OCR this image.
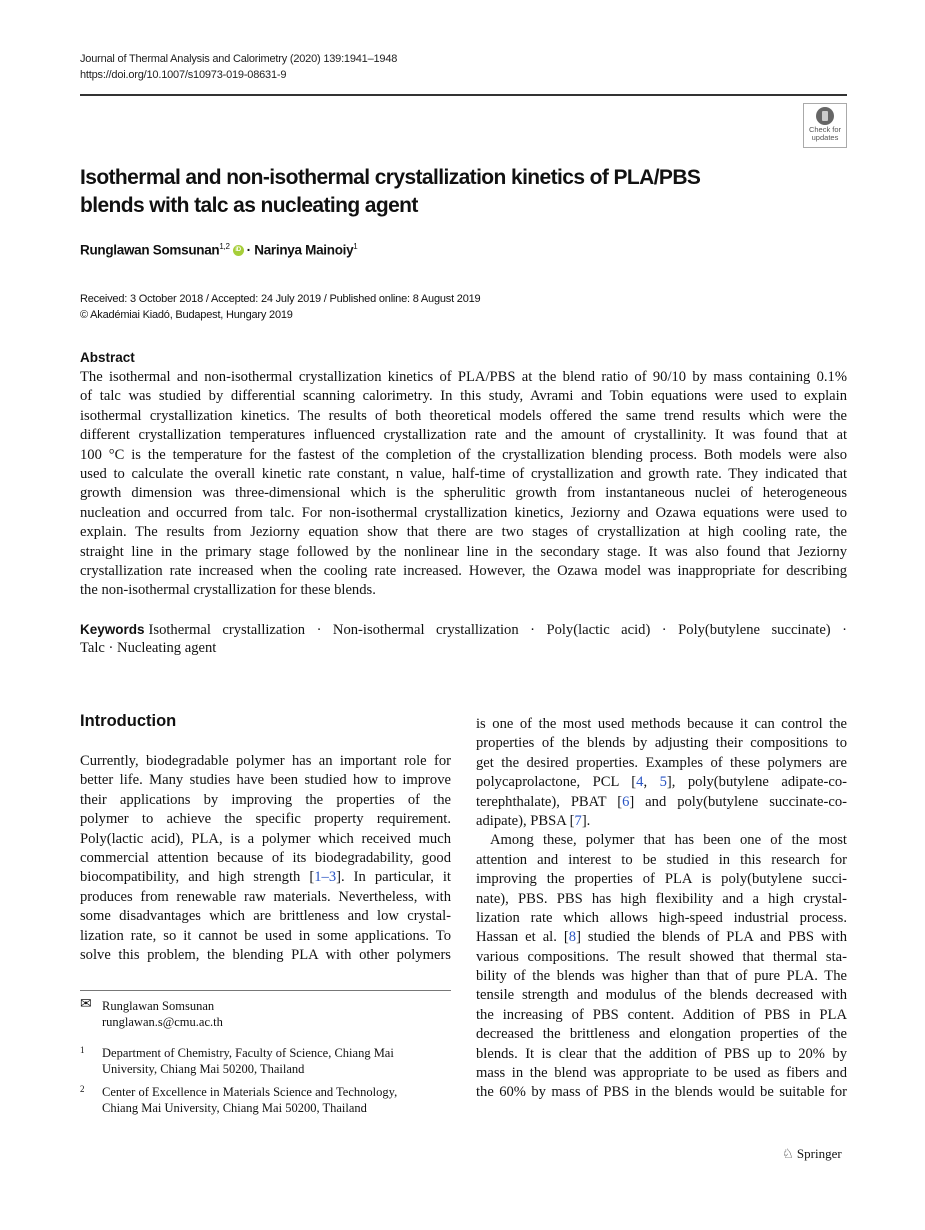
Journal of Thermal Analysis and Calorimetry (2020) 139:1941–1948
https://doi.org/10.1007/s10973-019-08631-9
Check for
updates
Isothermal and non-isothermal crystallization kinetics of PLA/PBS
blends with talc as nucleating agent
Runglawan Somsunan$^{1,2}$ iD · Narinya Mainoiy$^1$
Received: 3 October 2018 / Accepted: 24 July 2019 / Published online: 8 August 2019
© Akadémiai Kiadó, Budapest, Hungary 2019
Abstract
The isothermal and non-isothermal crystallization kinetics of PLA/PBS at the blend ratio of 90/10 by mass containing 0.1%
of talc was studied by differential scanning calorimetry. In this study, Avrami and Tobin equations were used to explain
isothermal crystallization kinetics. The results of both theoretical models offered the same trend results which were the
different crystallization temperatures influenced crystallization rate and the amount of crystallinity. It was found that at
100 °C is the temperature for the fastest of the completion of the crystallization blending process. Both models were also
used to calculate the overall kinetic rate constant, n value, half-time of crystallization and growth rate. They indicated that
growth dimension was three-dimensional which is the spherulitic growth from instantaneous nuclei of heterogeneous
nucleation and occurred from talc. For non-isothermal crystallization kinetics, Jeziorny and Ozawa equations were used to
explain. The results from Jeziorny equation show that there are two stages of crystallization at high cooling rate, the
straight line in the primary stage followed by the nonlinear line in the secondary stage. It was also found that Jeziorny
crystallization rate increased when the cooling rate increased. However, the Ozawa model was inappropriate for describing
the non-isothermal crystallization for these blends.
Keywords Isothermal crystallization · Non-isothermal crystallization · Poly(lactic acid) · Poly(butylene succinate) ·
Talc · Nucleating agent
Introduction
Currently, biodegradable polymer has an important role for
better life. Many studies have been studied how to improve
their applications by improving the properties of the
polymer to achieve the specific property requirement.
Poly(lactic acid), PLA, is a polymer which received much
commercial attention because of its biodegradability, good
biocompatibility, and high strength [1–3]. In particular, it
produces from renewable raw materials. Nevertheless, with
some disadvantages which are brittleness and low crystal-
lization rate, so it cannot be used in some applications. To
solve this problem, the blending PLA with other polymers
is one of the most used methods because it can control the
properties of the blends by adjusting their compositions to
get the desired properties. Examples of these polymers are
polycaprolactone, PCL [4, 5], poly(butylene adipate-co-
terephthalate), PBAT [6] and poly(butylene succinate-co-
adipate), PBSA [7].
Among these, polymer that has been one of the most
attention and interest to be studied in this research for
improving the properties of PLA is poly(butylene succi-
nate), PBS. PBS has high flexibility and a high crystal-
lization rate which allows high-speed industrial process.
Hassan et al. [8] studied the blends of PLA and PBS with
various compositions. The result showed that thermal sta-
bility of the blends was higher than that of pure PLA. The
tensile strength and modulus of the blends decreased with
the increasing of PBS content. Addition of PBS in PLA
decreased the brittleness and elongation properties of the
blends. It is clear that the addition of PBS up to 20% by
mass in the blend was appropriate to be used as fibers and
the 60% by mass of PBS in the blends would be suitable for
✉ Runglawan Somsunan
runglawan.s@cmu.ac.th
1 Department of Chemistry, Faculty of Science, Chiang Mai
University, Chiang Mai 50200, Thailand
2 Center of Excellence in Materials Science and Technology,
Chiang Mai University, Chiang Mai 50200, Thailand
♘ Springer
